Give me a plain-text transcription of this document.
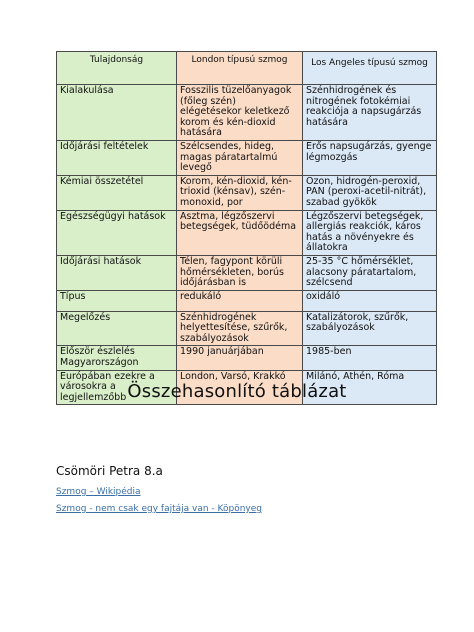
Tulajdonság	London típusú szmog	Los Angeles típusú szmog
Kialakulása	Fosszilis tüzelőanyagok (főleg szén) elégetésekor keletkező korom és kén-dioxid hatására	Szénhidrogének és nitrogének fotokémiai reakciója a napsugárzás hatására
Időjárási feltételek	Szélcsendes, hideg, magas páratartalmú levegő	Erős napsugárzás, gyenge légmozgás
Kémiai összetétel	Korom, kén-dioxid, kén-trioxid (kénsav), szén-monoxid, por	Ózon, hidrogén-peroxid, PAN (peroxi-acetil-nitrát), szabad gyökök
Egészségügyi hatások	Asztma, légzőszervi betegségek, tüdőödéma	Légzőszervi betegségek, allergiás reakciók, káros hatás a növényekre és állatokra
Időjárási hatások	Télen, fagypont körüli hőmérsékleten, borús időjárásban is	25-35 °C hőmérséklet, alacsony páratartalom, szélcsend
Típus	redukáló	oxidáló
Megelőzés	Szénhidrogének helyettesítése, szűrők, szabályozások	Katalizátorok, szűrők, szabályozások
Először észlelés Magyarországon	1990 januárjában	1985-ben
Európában ezekre a városokra a legjellemzőbb	London, Varsó, Krakkó	Milánó, Athén, Róma
Összehasonlító táblázat
Csömöri Petra 8.a
Szmog – Wikipédia
Szmog - nem csak egy fajtája van - Köpönyeg
